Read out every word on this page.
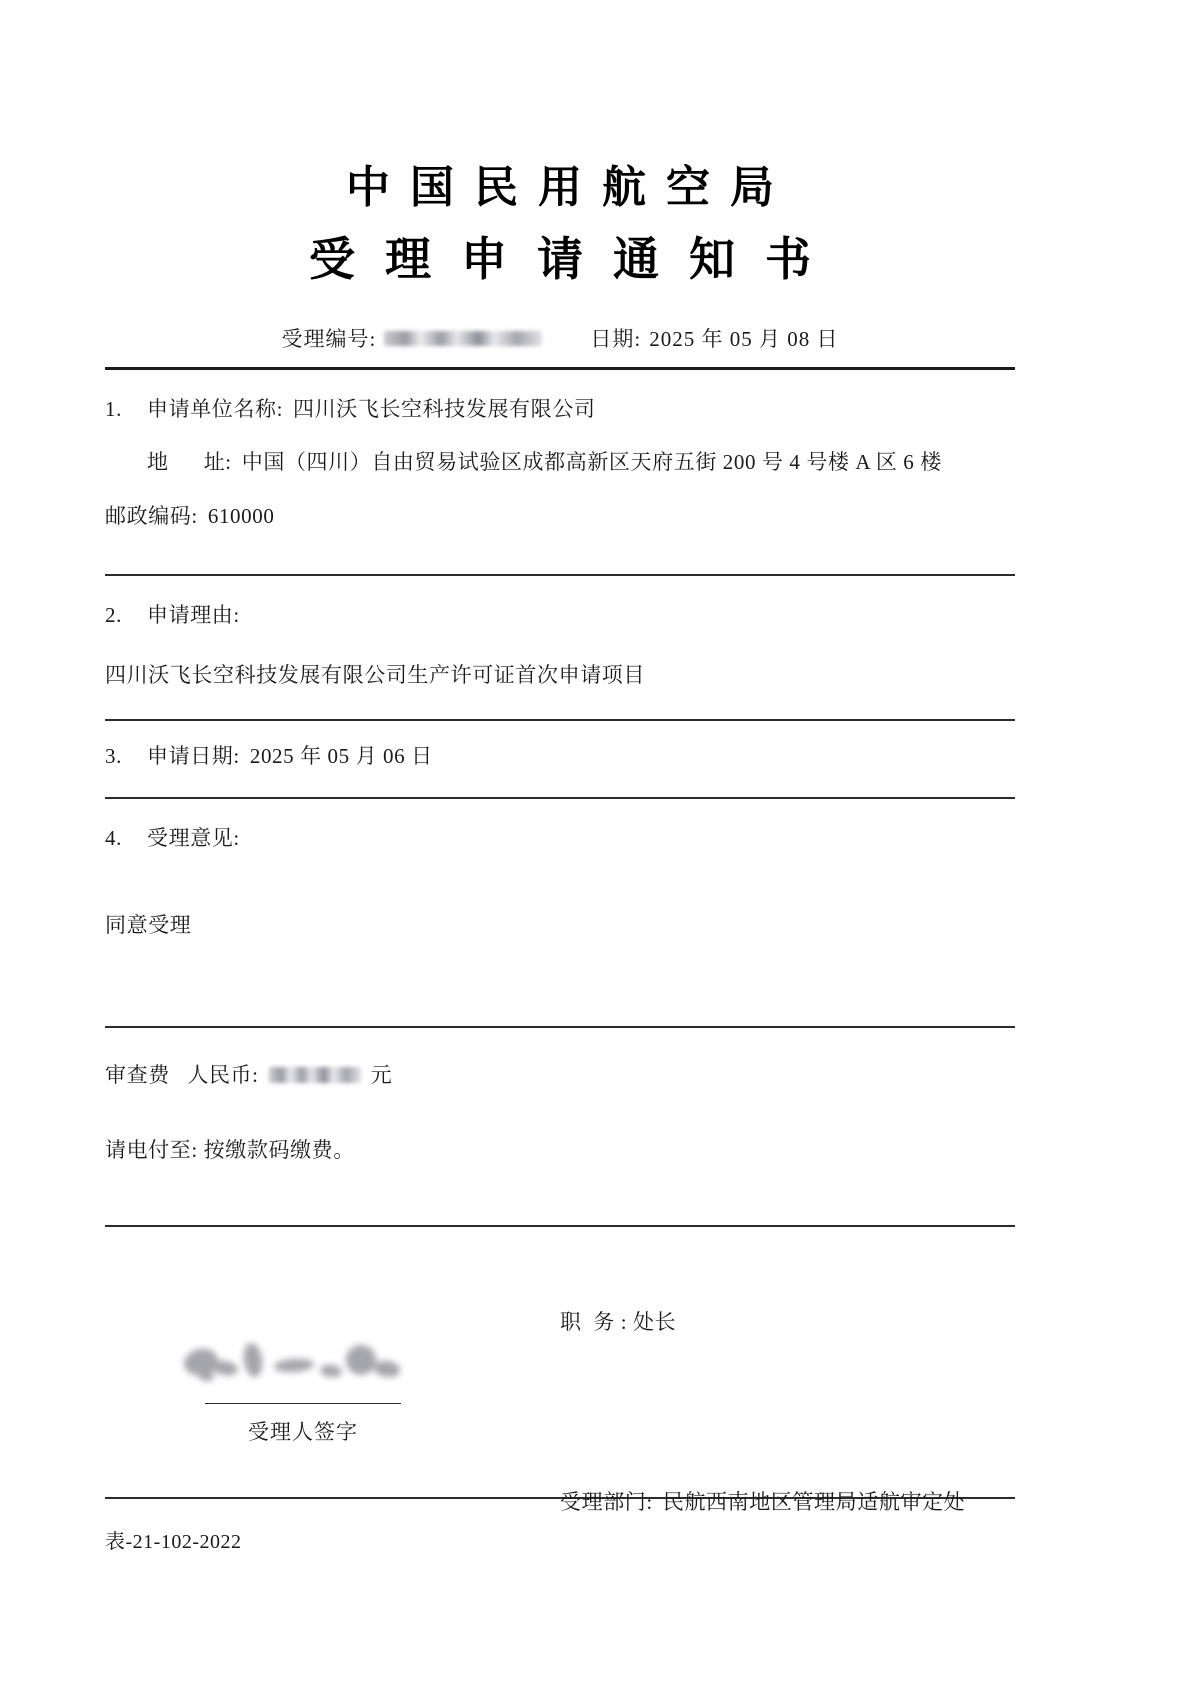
中国民用航空局
受理申请通知书
受理编号:	日期: 2025 年 05 月 08 日
1. 申请单位名称: 四川沃飞长空科技发展有限公司
地      址: 中国（四川）自由贸易试验区成都高新区天府五街 200 号 4 号楼 A 区 6 楼
邮政编码: 610000
2. 申请理由:
四川沃飞长空科技发展有限公司生产许可证首次申请项目
3. 申请日期: 2025 年 05 月 06 日
4. 受理意见:
同意受理
审查费   人民币:	元
请电付至: 按缴款码缴费。

职  务 : 处长

受理部门: 民航西南地区管理局适航审定处

受理人签字
表-21-102-2022
